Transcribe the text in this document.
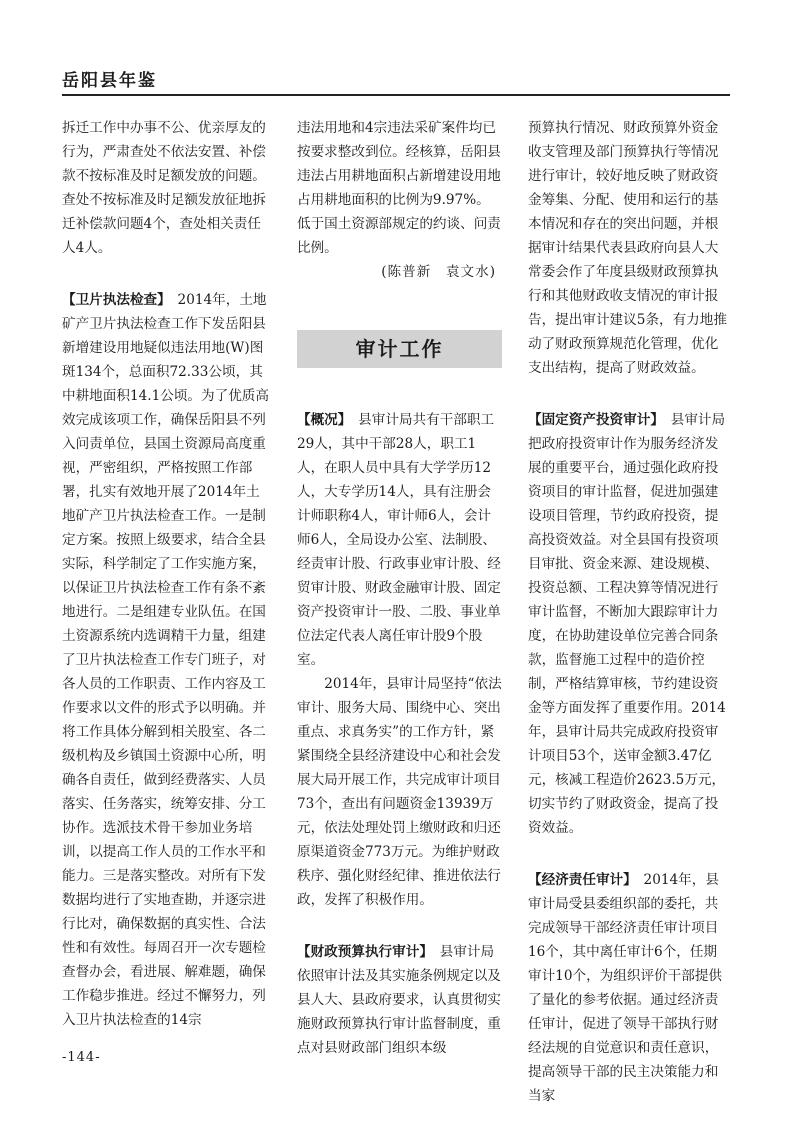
岳阳县年鉴

拆迁工作中办事不公、优亲厚友的行为，严肃查处不依法安置、补偿款不按标准及时足额发放的问题。查处不按标准及时足额发放征地拆迁补偿款问题4个，查处相关责任人4人。

【卫片执法检查】　 2014年，土地矿产卫片执法检查工作下发岳阳县新增建设用地疑似违法用地(W)图斑134个，总面积72.33公顷，其中耕地面积14.1公顷。为了优质高效完成该项工作，确保岳阳县不列入问责单位，县国土资源局高度重视，严密组织，严格按照工作部署，扎实有效地开展了2014年土地矿产卫片执法检查工作。一是制定方案。按照上级要求，结合全县实际，科学制定了工作实施方案，以保证卫片执法检查工作有条不紊地进行。二是组建专业队伍。在国土资源系统内选调精干力量，组建了卫片执法检查工作专门班子，对各人员的工作职责、工作内容及工作要求以文件的形式予以明确。并将工作具体分解到相关股室、各二级机构及乡镇国土资源中心所，明确各自责任，做到经费落实、人员落实、任务落实，统筹安排、分工协作。选派技术骨干参加业务培训，以提高工作人员的工作水平和能力。三是落实整改。对所有下发数据均进行了实地查勘，并逐宗进行比对，确保数据的真实性、合法性和有效性。每周召开一次专题检查督办会，看进展、解难题，确保工作稳步推进。经过不懈努力，列入卫片执法检查的14宗

违法用地和4宗违法采矿案件均已按要求整改到位。经核算，岳阳县违法占用耕地面积占新增建设用地占用耕地面积的比例为9.97%。低于国土资源部规定的约谈、问责比例。

(陈普新　袁文水)

审计工作

【概况】　 县审计局共有干部职工29人，其中干部28人，职工1人，在职人员中具有大学学历12人，大专学历14人，具有注册会计师职称4人，审计师6人，会计师6人，全局设办公室、法制股、经责审计股、行政事业审计股、经贸审计股、财政金融审计股、固定资产投资审计一股、二股、事业单位法定代表人离任审计股9个股室。

2014年，县审计局坚持“依法审计、服务大局、围绕中心、突出重点、求真务实”的工作方针，紧紧围绕全县经济建设中心和社会发展大局开展工作，共完成审计项目73个，查出有问题资金13939万元，依法处理处罚上缴财政和归还原渠道资金773万元。为维护财政秩序、强化财经纪律、推进依法行政，发挥了积极作用。

【财政预算执行审计】　 县审计局依照审计法及其实施条例规定以及县人大、县政府要求，认真贯彻实施财政预算执行审计监督制度，重点对县财政部门组织本级

预算执行情况、财政预算外资金收支管理及部门预算执行等情况进行审计，较好地反映了财政资金筹集、分配、使用和运行的基本情况和存在的突出问题，并根据审计结果代表县政府向县人大常委会作了年度县级财政预算执行和其他财政收支情况的审计报告，提出审计建议5条，有力地推动了财政预算规范化管理，优化支出结构，提高了财政效益。

【固定资产投资审计】　 县审计局把政府投资审计作为服务经济发展的重要平台，通过强化政府投资项目的审计监督，促进加强建设项目管理，节约政府投资，提高投资效益。对全县国有投资项目审批、资金来源、建设规模、投资总额、工程决算等情况进行审计监督，不断加大跟踪审计力度，在协助建设单位完善合同条款，监督施工过程中的造价控制，严格结算审核，节约建设资金等方面发挥了重要作用。2014年，县审计局共完成政府投资审计项目53个，送审金额3.47亿元，核减工程造价2623.5万元，切实节约了财政资金，提高了投资效益。

【经济责任审计】　 2014年，县审计局受县委组织部的委托，共完成领导干部经济责任审计项目16个，其中离任审计6个，任期审计10个，为组织评价干部提供了量化的参考依据。通过经济责任审计，促进了领导干部执行财经法规的自觉意识和责任意识，提高领导干部的民主决策能力和当家

-144-
